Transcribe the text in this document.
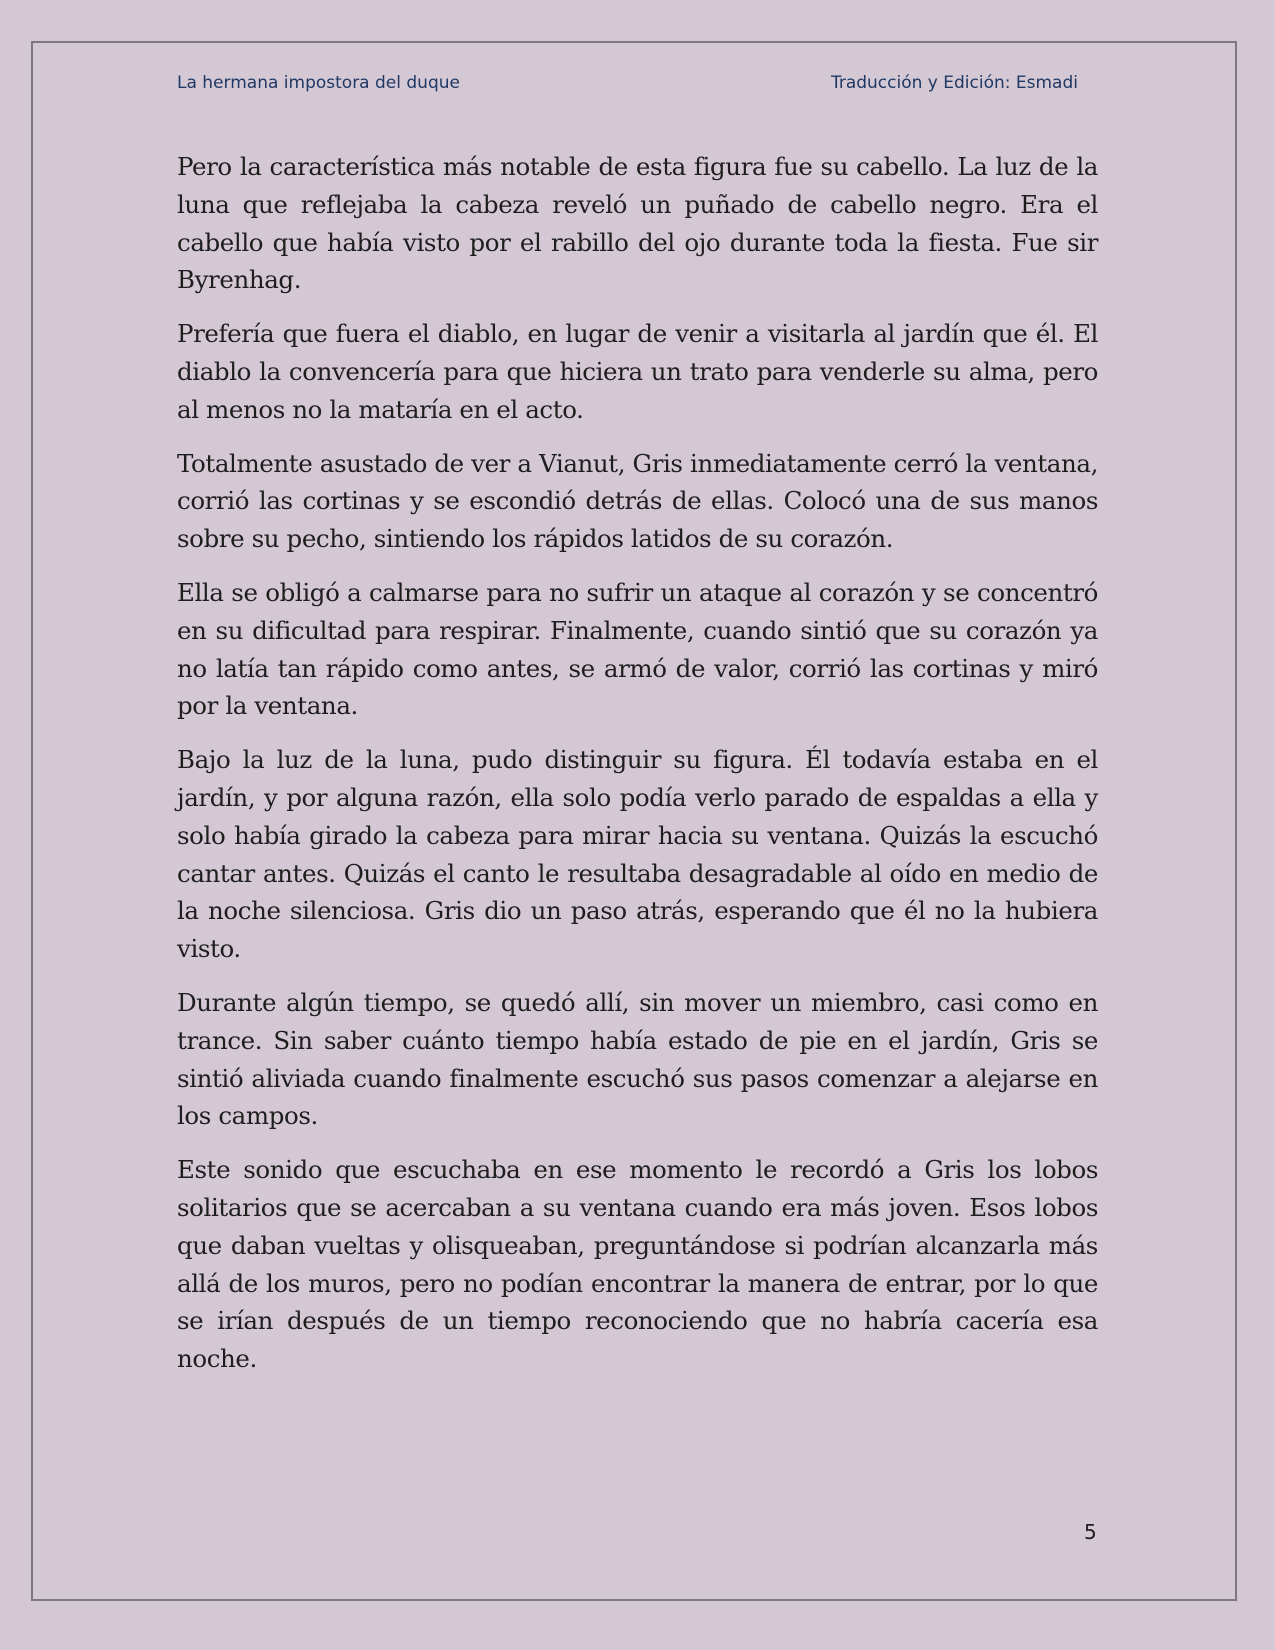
La hermana impostora del duque	Traducción y Edición: Esmadi

Pero la característica más notable de esta figura fue su cabello. La luz de la luna que reflejaba la cabeza reveló un puñado de cabello negro. Era el cabello que había visto por el rabillo del ojo durante toda la fiesta. Fue sir Byrenhag.

Prefería que fuera el diablo, en lugar de venir a visitarla al jardín que él. El diablo la convencería para que hiciera un trato para venderle su alma, pero al menos no la mataría en el acto.

Totalmente asustado de ver a Vianut, Gris inmediatamente cerró la ventana, corrió las cortinas y se escondió detrás de ellas. Colocó una de sus manos sobre su pecho, sintiendo los rápidos latidos de su corazón.

Ella se obligó a calmarse para no sufrir un ataque al corazón y se concentró en su dificultad para respirar. Finalmente, cuando sintió que su corazón ya no latía tan rápido como antes, se armó de valor, corrió las cortinas y miró por la ventana.

Bajo la luz de la luna, pudo distinguir su figura. Él todavía estaba en el jardín, y por alguna razón, ella solo podía verlo parado de espaldas a ella y solo había girado la cabeza para mirar hacia su ventana. Quizás la escuchó cantar antes. Quizás el canto le resultaba desagradable al oído en medio de la noche silenciosa. Gris dio un paso atrás, esperando que él no la hubiera visto.

Durante algún tiempo, se quedó allí, sin mover un miembro, casi como en trance. Sin saber cuánto tiempo había estado de pie en el jardín, Gris se sintió aliviada cuando finalmente escuchó sus pasos comenzar a alejarse en los campos.

Este sonido que escuchaba en ese momento le recordó a Gris los lobos solitarios que se acercaban a su ventana cuando era más joven. Esos lobos que daban vueltas y olisqueaban, preguntándose si podrían alcanzarla más allá de los muros, pero no podían encontrar la manera de entrar, por lo que se irían después de un tiempo reconociendo que no habría cacería esa noche.

5
